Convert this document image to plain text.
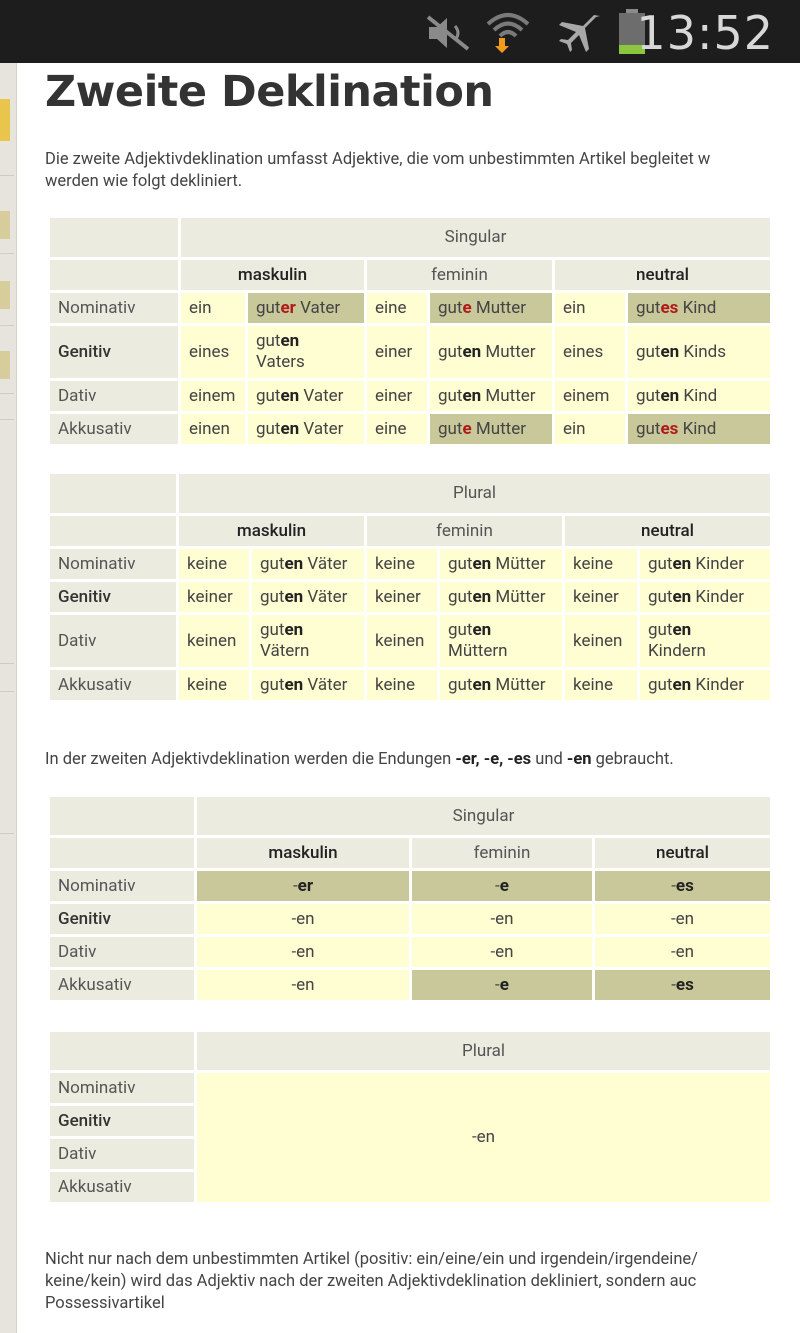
13:52
Zweite Deklination
Die zweite Adjektivdeklination umfasst Adjektive, die vom unbestimmten Artikel begleitet w
werden wie folgt dekliniert.
	Singular					
	maskulin		feminin		neutral	
Nominativ	ein	guter Vater	eine	gute Mutter	ein	gutes Kind
Genitiv	eines	guten
Vaters	einer	guten Mutter	eines	guten Kinds
Dativ	einem	guten Vater	einer	guten Mutter	einem	guten Kind
Akkusativ	einen	guten Vater	eine	gute Mutter	ein	gutes Kind
	Plural					
	maskulin		feminin		neutral	
Nominativ	keine	guten Väter	keine	guten Mütter	keine	guten Kinder
Genitiv	keiner	guten Väter	keiner	guten Mütter	keiner	guten Kinder
Dativ	keinen	guten
Vätern	keinen	guten
Müttern	keinen	guten
Kindern
Akkusativ	keine	guten Väter	keine	guten Mütter	keine	guten Kinder
In der zweiten Adjektivdeklination werden die Endungen -er, -e, -es und -en gebraucht.
	Singular		
	maskulin	feminin	neutral
Nominativ	-er	-e	-es
Genitiv	-en	-en	-en
Dativ	-en	-en	-en
Akkusativ	-en	-e	-es
	Plural
Nominativ	-en
Genitiv	
Dativ	
Akkusativ	
Nicht nur nach dem unbestimmten Artikel (positiv: ein/eine/ein und irgendein/irgendeine/
keine/kein) wird das Adjektiv nach der zweiten Adjektivdeklination dekliniert, sondern auc
Possessivartikel
